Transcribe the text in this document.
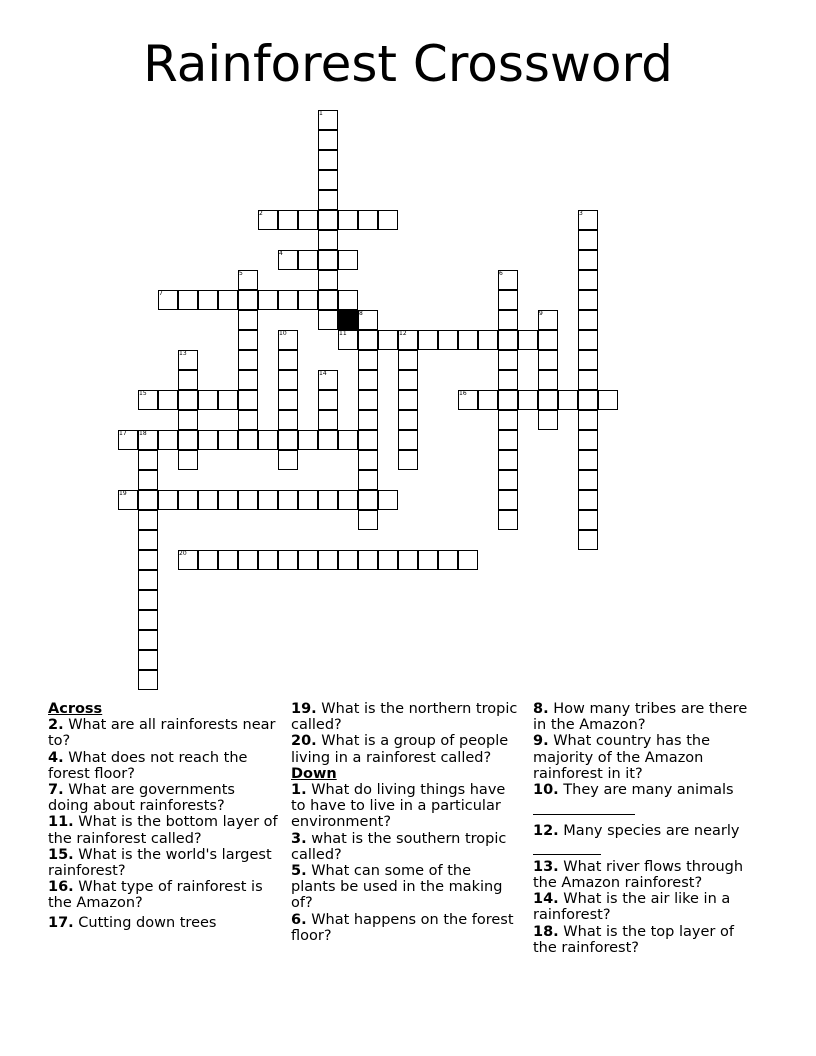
Rainforest Crossword
1
2	3
4
5	6
7
8	9
10	11	12
13
14
15	16
17 18
19
20

Across

2. What are all rainforests near to?

4. What does not reach the forest floor?

7. What are governments doing about rainforests?

11. What is the bottom layer of the rainforest called?

15. What is the world's largest rainforest?

16. What type of rainforest is the Amazon?

17. Cutting down trees

19. What is the northern tropic called?

20. What is a group of people living in a rainforest called?

Down

1. What do living things have to have to live in a particular environment?

3. what is the southern tropic called?

5. What can some of the plants be used in the making of?

6. What happens on the forest floor?

8. How many tribes are there in the Amazon?

9. What country has the majority of the Amazon rainforest in it?

10. They are many animals

12. Many species are nearly

13. What river flows through the Amazon rainforest?

14. What is the air like in a rainforest?

18. What is the top layer of the rainforest?
